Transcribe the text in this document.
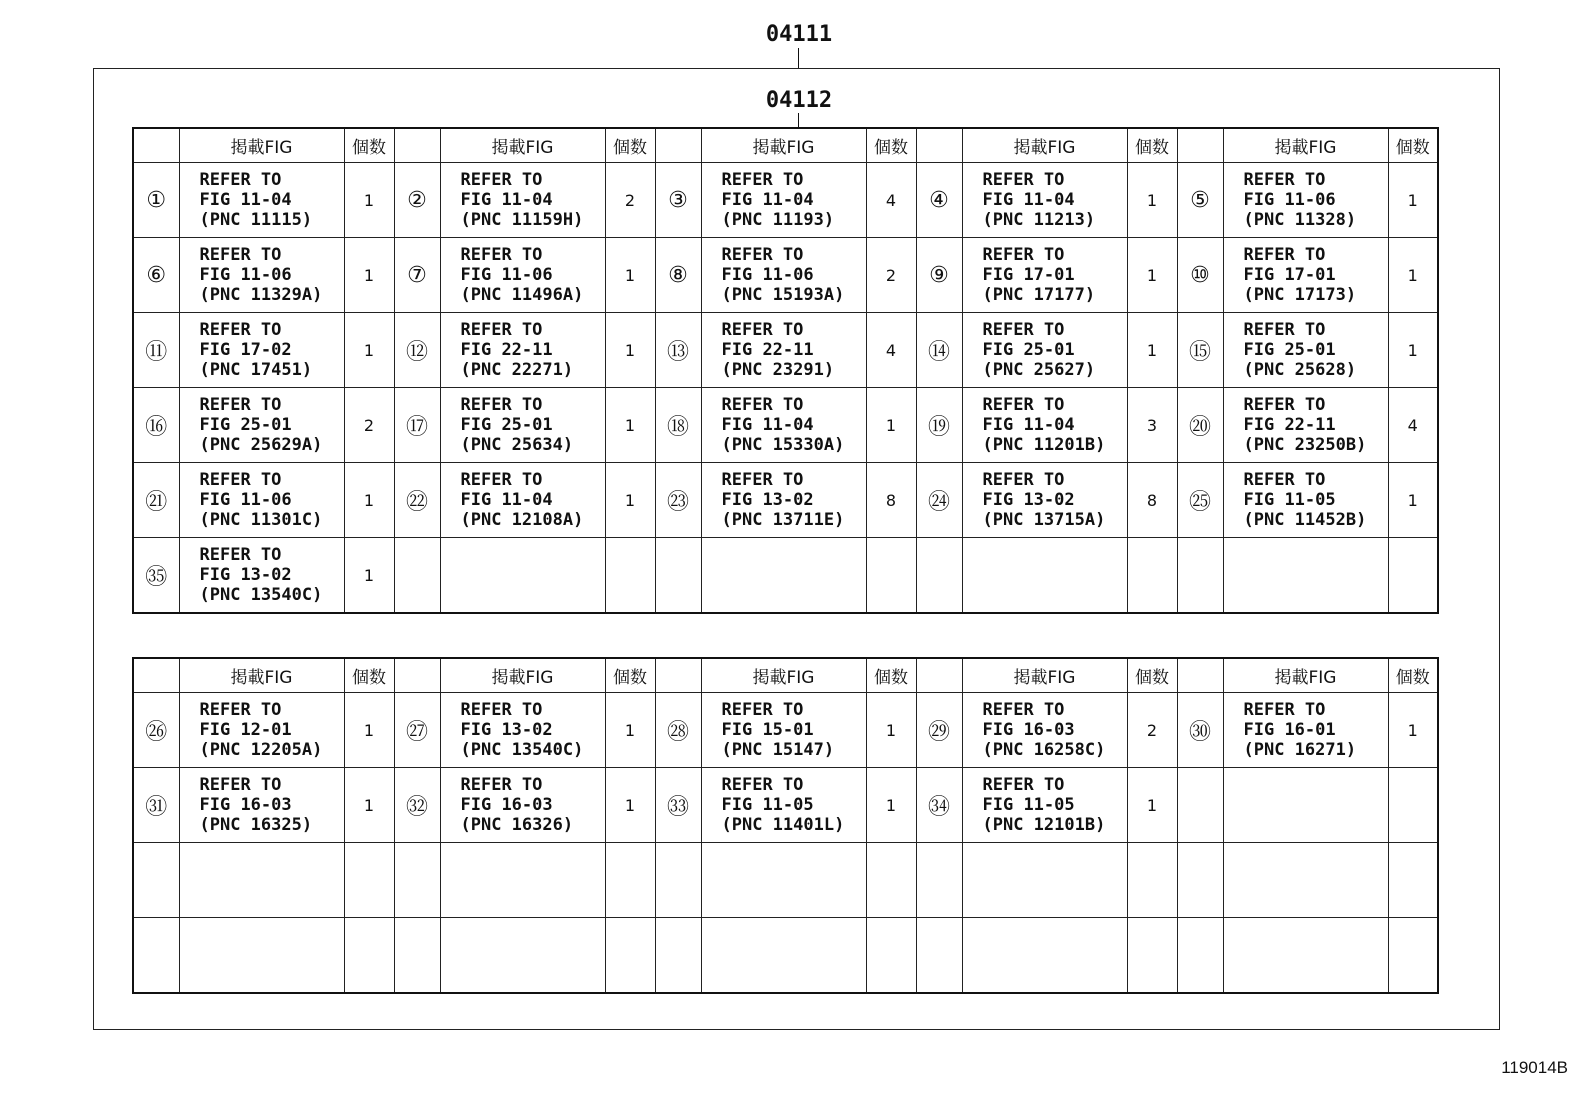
04111
04112
	掲載FIG	個数		掲載FIG	個数		掲載FIG	個数		掲載FIG	個数		掲載FIG	個数
①	REFER TO
FIG 11-04
(PNC 11115)	1	②	REFER TO
FIG 11-04
(PNC 11159H)	2	③	REFER TO
FIG 11-04
(PNC 11193)	4	④	REFER TO
FIG 11-04
(PNC 11213)	1	⑤	REFER TO
FIG 11-06
(PNC 11328)	1
⑥	REFER TO
FIG 11-06
(PNC 11329A)	1	⑦	REFER TO
FIG 11-06
(PNC 11496A)	1	⑧	REFER TO
FIG 11-06
(PNC 15193A)	2	⑨	REFER TO
FIG 17-01
(PNC 17177)	1	⑩	REFER TO
FIG 17-01
(PNC 17173)	1
⑪	REFER TO
FIG 17-02
(PNC 17451)	1	⑫	REFER TO
FIG 22-11
(PNC 22271)	1	⑬	REFER TO
FIG 22-11
(PNC 23291)	4	⑭	REFER TO
FIG 25-01
(PNC 25627)	1	⑮	REFER TO
FIG 25-01
(PNC 25628)	1
⑯	REFER TO
FIG 25-01
(PNC 25629A)	2	⑰	REFER TO
FIG 25-01
(PNC 25634)	1	⑱	REFER TO
FIG 11-04
(PNC 15330A)	1	⑲	REFER TO
FIG 11-04
(PNC 11201B)	3	⑳	REFER TO
FIG 22-11
(PNC 23250B)	4
㉑	REFER TO
FIG 11-06
(PNC 11301C)	1	㉒	REFER TO
FIG 11-04
(PNC 12108A)	1	㉓	REFER TO
FIG 13-02
(PNC 13711E)	8	㉔	REFER TO
FIG 13-02
(PNC 13715A)	8	㉕	REFER TO
FIG 11-05
(PNC 11452B)	1
㉟	REFER TO
FIG 13-02
(PNC 13540C)	1												
	掲載FIG	個数		掲載FIG	個数		掲載FIG	個数		掲載FIG	個数		掲載FIG	個数
㉖	REFER TO
FIG 12-01
(PNC 12205A)	1	㉗	REFER TO
FIG 13-02
(PNC 13540C)	1	㉘	REFER TO
FIG 15-01
(PNC 15147)	1	㉙	REFER TO
FIG 16-03
(PNC 16258C)	2	㉚	REFER TO
FIG 16-01
(PNC 16271)	1
㉛	REFER TO
FIG 16-03
(PNC 16325)	1	㉜	REFER TO
FIG 16-03
(PNC 16326)	1	㉝	REFER TO
FIG 11-05
(PNC 11401L)	1	㉞	REFER TO
FIG 11-05
(PNC 12101B)	1			

119014B
